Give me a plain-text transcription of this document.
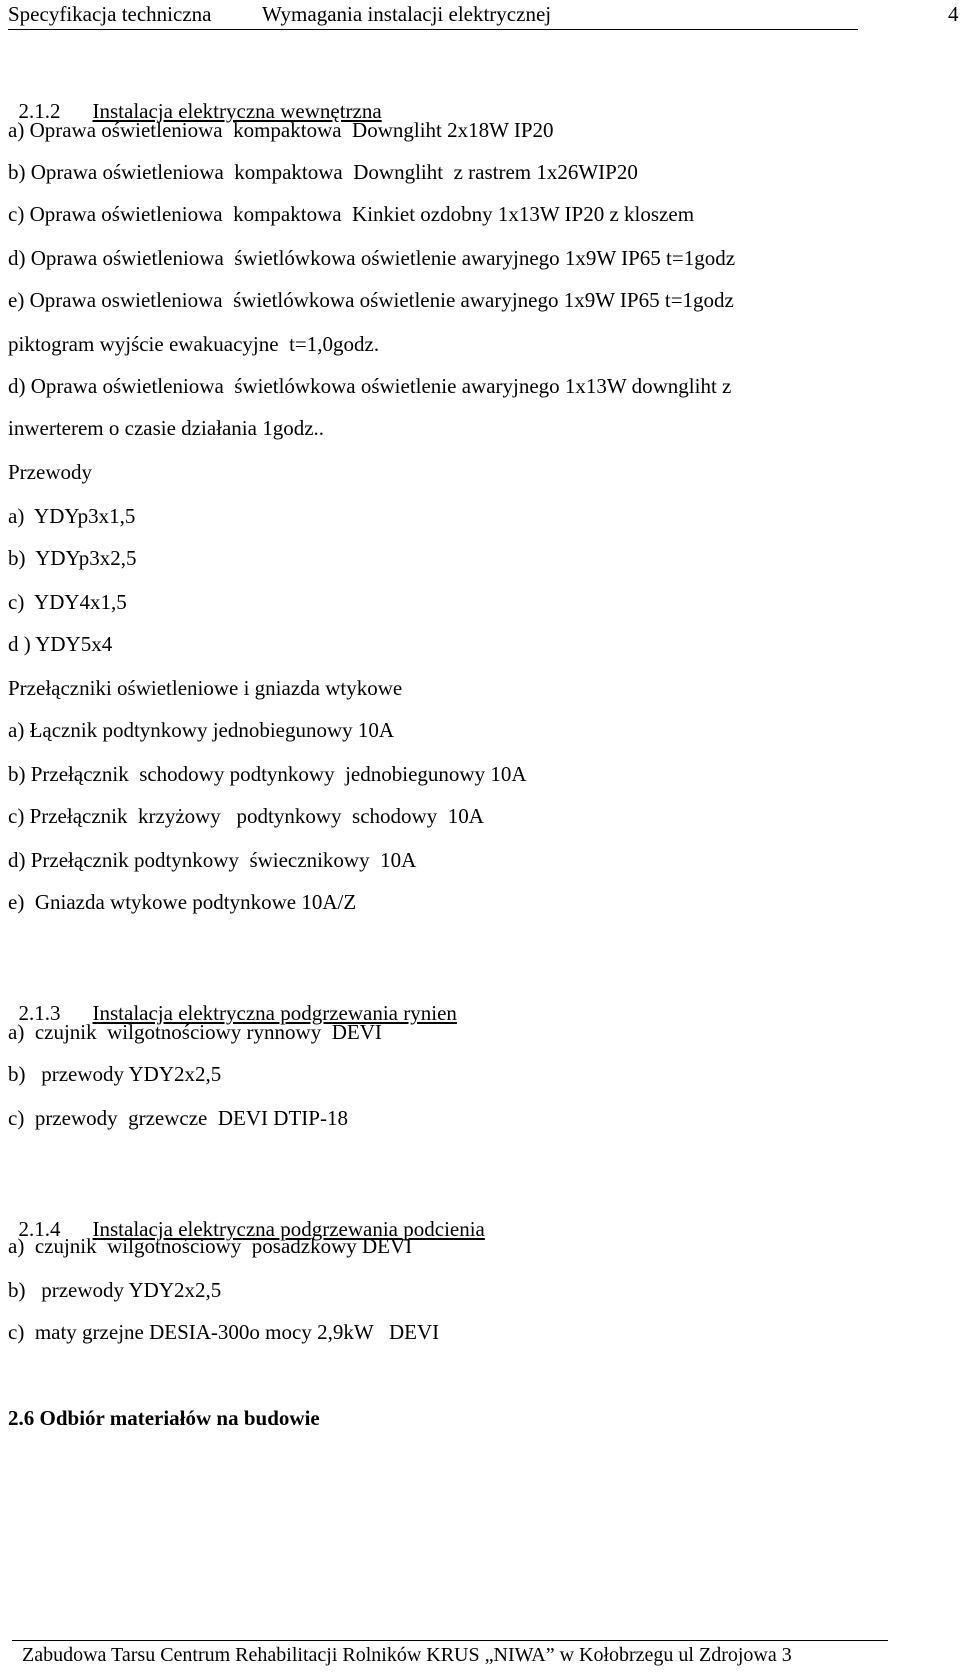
Specyfikacja techniczna Wymagania instalacji elektrycznej	4

2.1.2 Instalacja elektryczna wewnętrzna

a) Oprawa oświetleniowa  kompaktowa  Downgliht 2x18W IP20
b) Oprawa oświetleniowa  kompaktowa  Downgliht  z rastrem 1x26WIP20
c) Oprawa oświetleniowa  kompaktowa  Kinkiet ozdobny 1x13W IP20 z kloszem
d) Oprawa oświetleniowa  świetlówkowa oświetlenie awaryjnego 1x9W IP65 t=1godz
e) Oprawa oswietleniowa  świetlówkowa oświetlenie awaryjnego 1x9W IP65 t=1godz
piktogram wyjście ewakuacyjne  t=1,0godz.
d) Oprawa oświetleniowa  świetlówkowa oświetlenie awaryjnego 1x13W downgliht z
inwerterem o czasie działania 1godz..
Przewody
a)  YDYp3x1,5
b)  YDYp3x2,5
c)  YDY4x1,5
d ) YDY5x4
Przełączniki oświetleniowe i gniazda wtykowe
a) Łącznik podtynkowy jednobiegunowy 10A
b) Przełącznik  schodowy podtynkowy  jednobiegunowy 10A
c) Przełącznik  krzyżowy   podtynkowy  schodowy  10A
d) Przełącznik podtynkowy  świecznikowy  10A
e)  Gniazda wtykowe podtynkowe 10A/Z

2.1.3 Instalacja elektryczna podgrzewania rynien

a)  czujnik  wilgotnościowy rynnowy  DEVI
b)   przewody YDY2x2,5
c)  przewody  grzewcze  DEVI DTIP-18

2.1.4 Instalacja elektryczna podgrzewania podcienia

a)  czujnik  wilgotnościowy  posadzkowy DEVI
b)   przewody YDY2x2,5
c)  maty grzejne DESIA-300o mocy 2,9kW   DEVI
2.6 Odbiór materiałów na budowie
Zabudowa Tarsu Centrum Rehabilitacji Rolników KRUS „NIWA” w Kołobrzegu ul Zdrojowa 3
